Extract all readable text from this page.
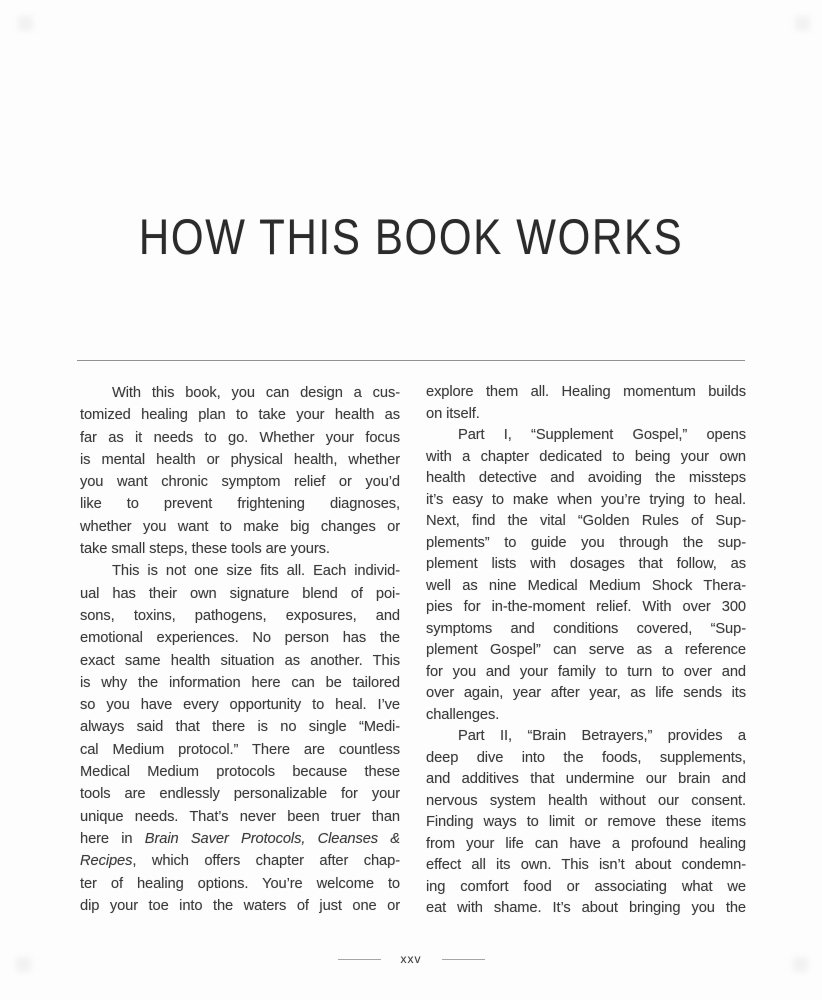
HOW THIS BOOK WORKS
With this book, you can design a cus-
tomized healing plan to take your health as
far as it needs to go. Whether your focus
is mental health or physical health, whether
you want chronic symptom relief or you’d
like to prevent frightening diagnoses,
whether you want to make big changes or
take small steps, these tools are yours.
This is not one size fits all. Each individ-
ual has their own signature blend of poi-
sons, toxins, pathogens, exposures, and
emotional experiences. No person has the
exact same health situation as another. This
is why the information here can be tailored
so you have every opportunity to heal. I’ve
always said that there is no single “Medi-
cal Medium protocol.” There are countless
Medical Medium protocols because these
tools are endlessly personalizable for your
unique needs. That’s never been truer than
here in Brain Saver Protocols, Cleanses &
Recipes, which offers chapter after chap-
ter of healing options. You’re welcome to
dip your toe into the waters of just one or
explore them all. Healing momentum builds
on itself.
Part I, “Supplement Gospel,” opens
with a chapter dedicated to being your own
health detective and avoiding the missteps
it’s easy to make when you’re trying to heal.
Next, find the vital “Golden Rules of Sup-
plements” to guide you through the sup-
plement lists with dosages that follow, as
well as nine Medical Medium Shock Thera-
pies for in-the-moment relief. With over 300
symptoms and conditions covered, “Sup-
plement Gospel” can serve as a reference
for you and your family to turn to over and
over again, year after year, as life sends its
challenges.
Part II, “Brain Betrayers,” provides a
deep dive into the foods, supplements,
and additives that undermine our brain and
nervous system health without our consent.
Finding ways to limit or remove these items
from your life can have a profound healing
effect all its own. This isn’t about condemn-
ing comfort food or associating what we
eat with shame. It’s about bringing you the
xxv
